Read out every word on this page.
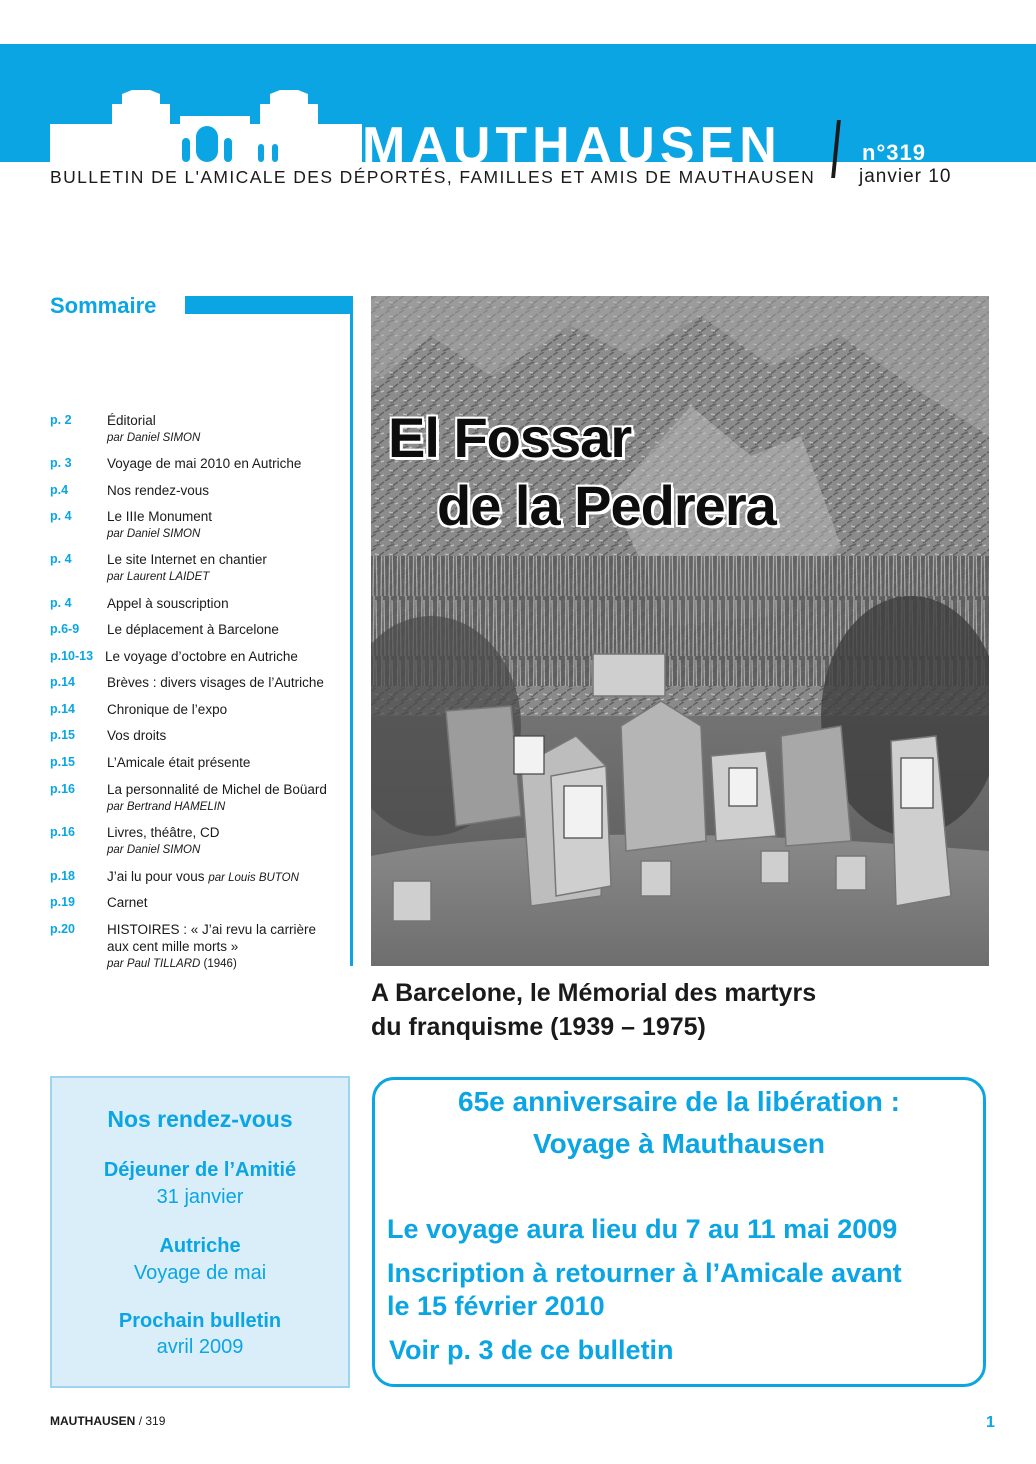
MAUTHAUSEN	n°319
BULLETIN DE L'AMICALE DES DÉPORTÉS, FAMILLES ET AMIS DE MAUTHAUSEN janvier 10
Sommaire
p. 2	Éditorial
par Daniel SIMON
p. 3	Voyage de mai 2010 en Autriche
p.4	Nos rendez-vous
p. 4	Le IIIe Monument
par Daniel SIMON
p. 4	Le site Internet en chantier
par Laurent LAIDET
p. 4	Appel à souscription
p.6-9 Le déplacement à Barcelone
p.10-13 Le voyage d’octobre en Autriche
p.14 Brèves : divers visages de l’Autriche
p.14 Chronique de l’expo
p.15 Vos droits
p.15 L’Amicale était présente
p.16 La personnalité de Michel de Boüard
par Bertrand HAMELIN
p.16 Livres, théâtre, CD
par Daniel SIMON
p.18 J’ai lu pour vous par Louis BUTON
p.19 Carnet
p.20 HISTOIRES : « J’ai revu la carrière
aux cent mille morts »
par Paul TILLARD (1946)
El Fossar
de la Pedrera
A Barcelone, le Mémorial des martyrs
du franquisme (1939 – 1975)
Nos rendez-vous
Déjeuner de l’Amitié
31 janvier
Autriche
Voyage de mai
Prochain bulletin
avril 2009
65e anniversaire de la libération :
Voyage à Mauthausen
Le voyage aura lieu du 7 au 11 mai 2009
Inscription à retourner à l’Amicale avant
le 15 février 2010
Voir p. 3 de ce bulletin
MAUTHAUSEN / 319	1
